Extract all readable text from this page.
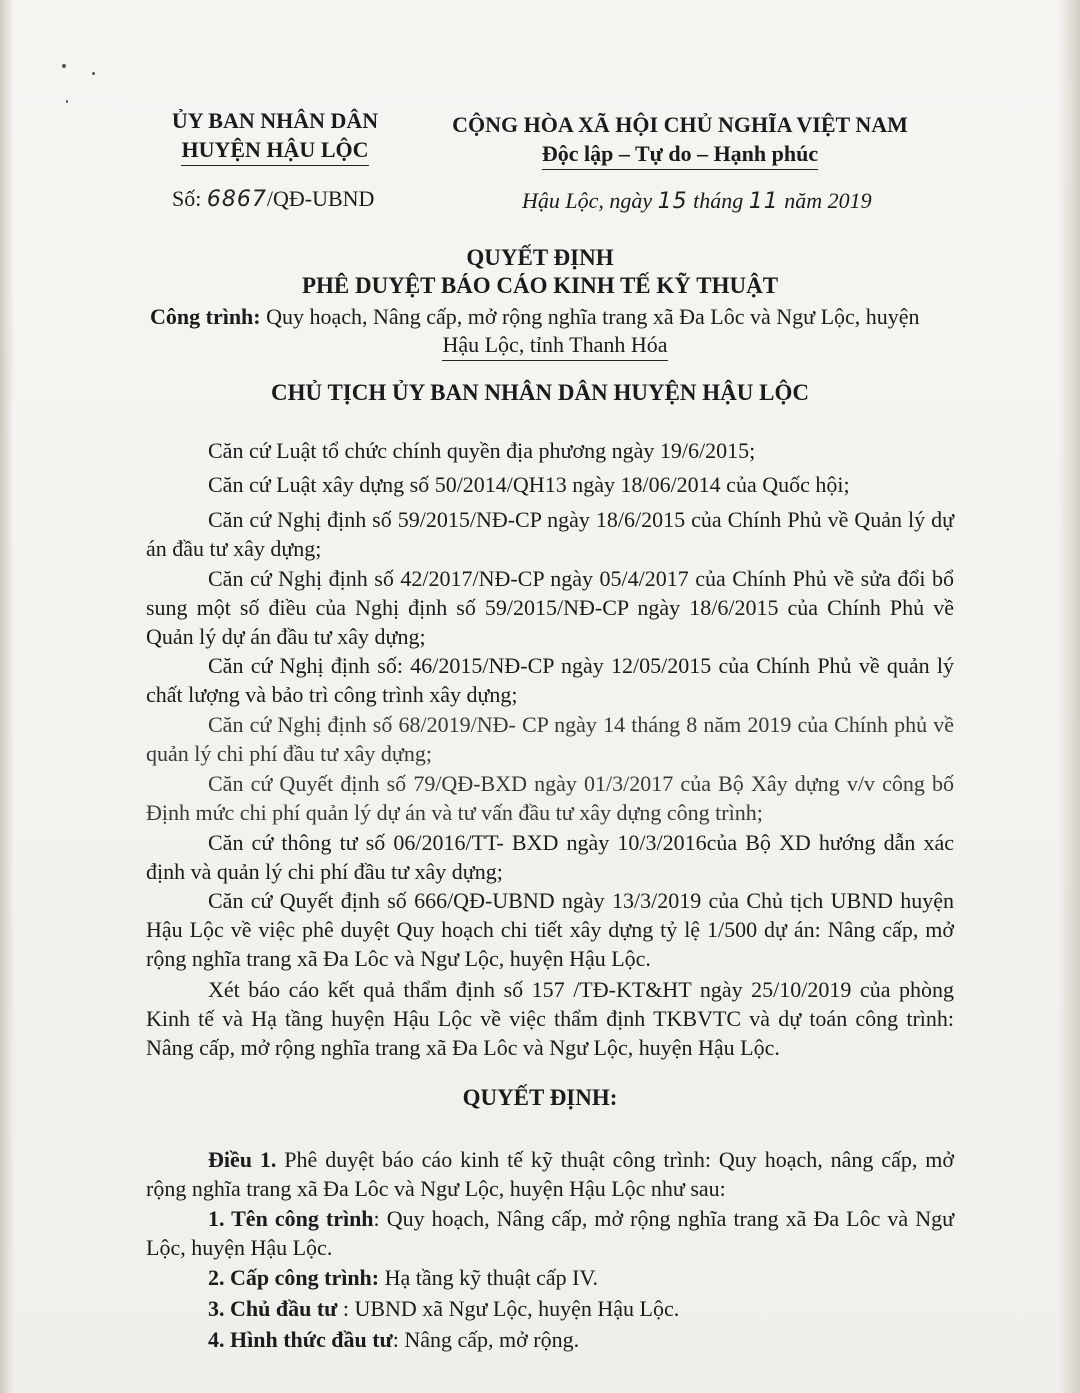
ỦY BAN NHÂN DÂN
HUYỆN HẬU LỘC
CỘNG HÒA XÃ HỘI CHỦ NGHĨA VIỆT NAM
Độc lập – Tự do – Hạnh phúc
Số: 6867/QĐ-UBND	Hậu Lộc, ngày 15 tháng 11 năm 2019
QUYẾT ĐỊNH
PHÊ DUYỆT BÁO CÁO KINH TẾ KỸ THUẬT
Công trình: Quy hoạch, Nâng cấp, mở rộng nghĩa trang xã Đa Lôc và Ngư Lộc, huyện
Hậu Lộc, tỉnh Thanh Hóa
CHỦ TỊCH ỦY BAN NHÂN DÂN HUYỆN HẬU LỘC
Căn cứ Luật tổ chức chính quyền địa phương ngày 19/6/2015;
Căn cứ Luật xây dựng số 50/2014/QH13 ngày 18/06/2014 của Quốc hội;
Căn cứ Nghị định số 59/2015/NĐ-CP ngày 18/6/2015 của Chính Phủ về Quản lý dự án đầu tư xây dựng;
Căn cứ Nghị định số 42/2017/NĐ-CP ngày 05/4/2017 của Chính Phủ về sửa đổi bổ sung một số điều của Nghị định số 59/2015/NĐ-CP ngày 18/6/2015 của Chính Phủ về Quản lý dự án đầu tư xây dựng;
Căn cứ Nghị định số: 46/2015/NĐ-CP ngày 12/05/2015 của Chính Phủ về quản lý chất lượng và bảo trì công trình xây dựng;
Căn cứ Nghị định số 68/2019/NĐ- CP ngày 14 tháng 8 năm 2019 của Chính phủ về quản lý chi phí đầu tư xây dựng;
Căn cứ Quyết định số 79/QĐ-BXD ngày 01/3/2017 của Bộ Xây dựng v/v công bố Định mức chi phí quản lý dự án và tư vấn đầu tư xây dựng công trình;
Căn cứ thông tư số 06/2016/TT- BXD ngày 10/3/2016của Bộ XD hướng dẫn xác định và quản lý chi phí đầu tư xây dựng;
Căn cứ Quyết định số 666/QĐ-UBND ngày 13/3/2019 của Chủ tịch UBND huyện Hậu Lộc về việc phê duyệt Quy hoạch chi tiết xây dựng tỷ lệ 1/500 dự án: Nâng cấp, mở rộng nghĩa trang xã Đa Lôc và Ngư Lộc, huyện Hậu Lộc.
Xét báo cáo kết quả thẩm định số 157 /TĐ-KT&HT ngày 25/10/2019 của phòng Kinh tế và Hạ tầng huyện Hậu Lộc về việc thẩm định TKBVTC và dự toán công trình: Nâng cấp, mở rộng nghĩa trang xã Đa Lôc và Ngư Lộc, huyện Hậu Lộc.
QUYẾT ĐỊNH:
Điều 1. Phê duyệt báo cáo kinh tế kỹ thuật công trình: Quy hoạch, nâng cấp, mở rộng nghĩa trang xã Đa Lôc và Ngư Lộc, huyện Hậu Lộc như sau:
1. Tên công trình: Quy hoạch, Nâng cấp, mở rộng nghĩa trang xã Đa Lôc và Ngư Lộc, huyện Hậu Lộc.
2. Cấp công trình: Hạ tầng kỹ thuật cấp IV.
3. Chủ đầu tư : UBND xã Ngư Lộc, huyện Hậu Lộc.
4. Hình thức đầu tư: Nâng cấp, mở rộng.
